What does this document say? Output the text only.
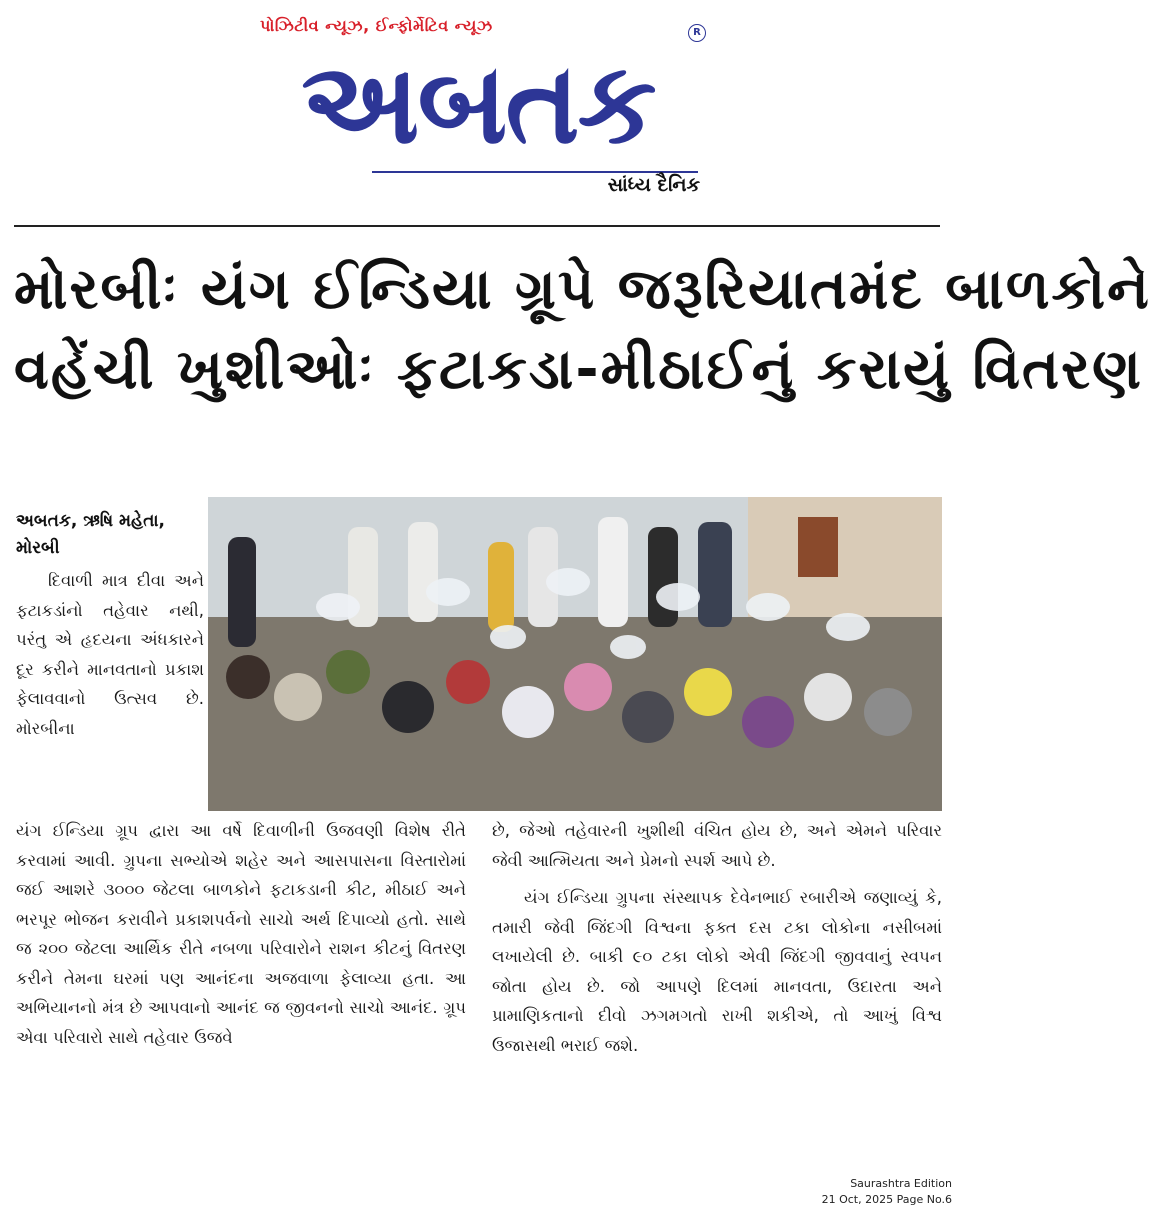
પોઝિટીવ ન્યૂઝ, ઈન્ફોર્મેટિવ ન્યૂઝ
અબતક
R
સાંધ્ય દૈનિક
મોરબીઃ યંગ ઈન્ડિયા ગ્રૂપે જરૂરિયાતમંદ બાળકોને
વહેંચી ખુશીઓઃ ફટાકડા-મીઠાઈનું કરાયું વિતરણ
અબતક, ઋષિ મહેતા, મોરબી

દિવાળી માત્ર દીવા અને ફટાકડાંનો તહેવાર નથી, પરંતુ એ હૃદયના અંધકારને દૂર કરીને માનવતાનો પ્રકાશ ફેલાવવાનો ઉત્સવ છે. મોરબીના

યંગ ઈન્ડિયા ગ્રૂપ દ્વારા આ વર્ષે દિવાળીની ઉજવણી વિશેષ રીતે કરવામાં આવી. ગ્રુપના સભ્યોએ શહેર અને આસપાસના વિસ્તારોમાં જઈ આશરે ૩૦૦૦ જેટલા બાળકોને ફટાકડાની કીટ, મીઠાઈ અને ભરપૂર ભોજન કરાવીને પ્રકાશપર્વનો સાચો અર્થ દિપાવ્યો હતો. સાથે જ ૨૦૦ જેટલા આર્થિક રીતે નબળા પરિવારોને રાશન કીટનું વિતરણ કરીને તેમના ઘરમાં પણ આનંદના અજવાળા ફેલાવ્યા હતા. આ અભિયાનનો મંત્ર છે આપવાનો આનંદ જ જીવનનો સાચો આનંદ. ગ્રૂપ એવા પરિવારો સાથે તહેવાર ઉજવે

છે, જેઓ તહેવારની ખુશીથી વંચિત હોય છે, અને એમને પરિવાર જેવી આત્મિયતા અને પ્રેમનો સ્પર્શ આપે છે.

યંગ ઈન્ડિયા ગ્રુપના સંસ્થાપક દેવેનભાઈ રબારીએ જણાવ્યું કે, તમારી જેવી જિંદગી વિશ્વના ફક્ત દસ ટકા લોકોના નસીબમાં લખાયેલી છે. બાકી ૯૦ ટકા લોકો એવી જિંદગી જીવવાનું સ્વપન જોતા હોય છે. જો આપણે દિલમાં માનવતા, ઉદારતા અને પ્રામાણિકતાનો દીવો ઝગમગતો રાખી શકીએ, તો આખું વિશ્વ ઉજાસથી ભરાઈ જશે.

Saurashtra Edition
21 Oct, 2025 Page No.6
